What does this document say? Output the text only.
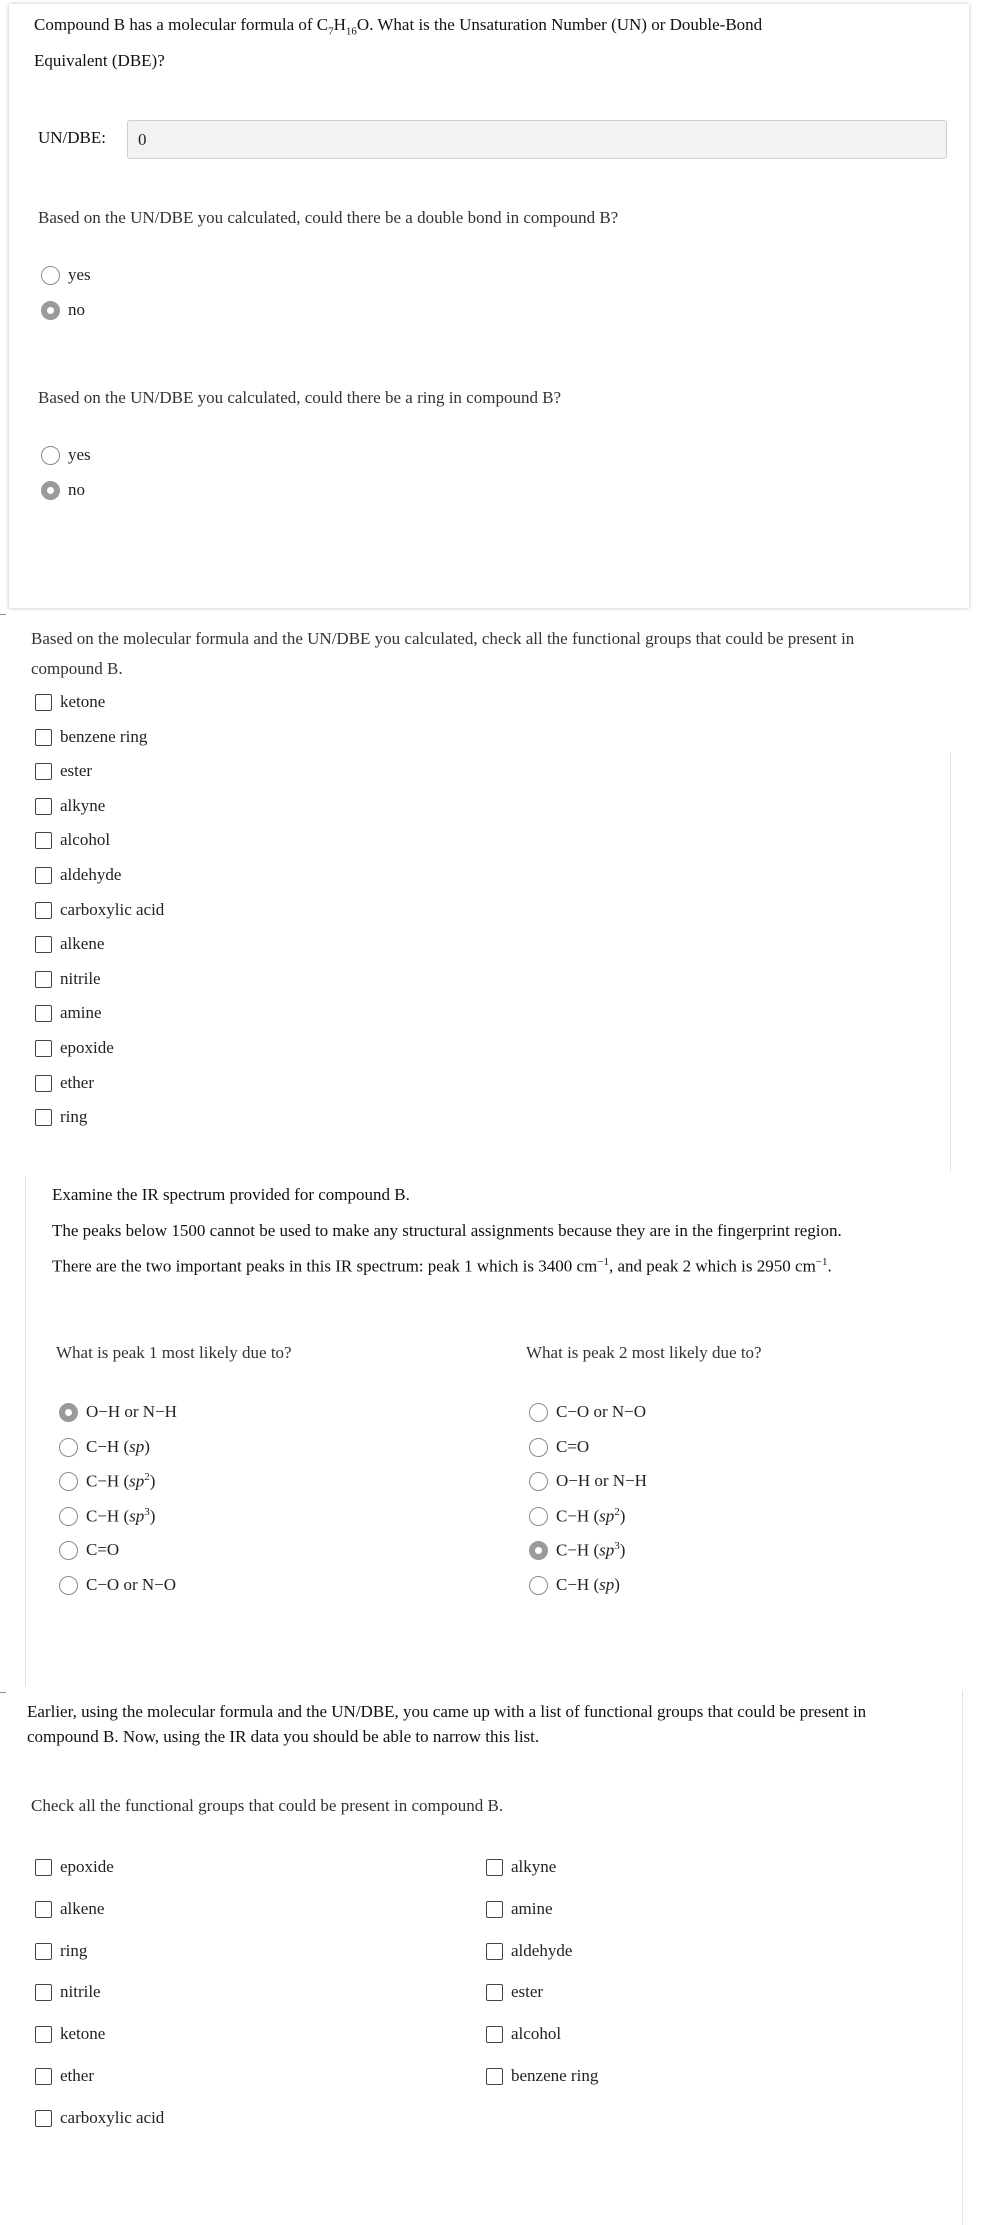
Compound B has a molecular formula of $C_7H_{16}O$. What is the Unsaturation Number (UN) or Double-Bond
Equivalent (DBE)?
UN/DBE:
0
Based on the UN/DBE you calculated, could there be a double bond in compound B?
yes
no
Based on the UN/DBE you calculated, could there be a ring in compound B?
yes
no
Based on the molecular formula and the UN/DBE you calculated, check all the functional groups that could be present in
compound B.
ketone
benzene ring
ester
alkyne
alcohol
aldehyde
carboxylic acid
alkene
nitrile
amine
epoxide
ether
ring
Examine the IR spectrum provided for compound B.
The peaks below 1500 cannot be used to make any structural assignments because they are in the fingerprint region.
There are the two important peaks in this IR spectrum: peak 1 which is 3400 $cm^{-1}$, and peak 2 which is 2950 $cm^{-1}$.
What is peak 1 most likely due to?	What is peak 2 most likely due to?
O−H or N−H
C−H (sp)
C−H $(sp^2)$
C−H $(sp^3)$
C=O
C−O or N−O
C−O or N−O
C=O
O−H or N−H
C−H $(sp^2)$
C−H $(sp^3)$
C−H (sp)
Earlier, using the molecular formula and the UN/DBE, you came up with a list of functional groups that could be present in
compound B. Now, using the IR data you should be able to narrow this list.
Check all the functional groups that could be present in compound B.
epoxide
alkene
ring
nitrile
ketone
ether
carboxylic acid
alkyne
amine
aldehyde
ester
alcohol
benzene ring
